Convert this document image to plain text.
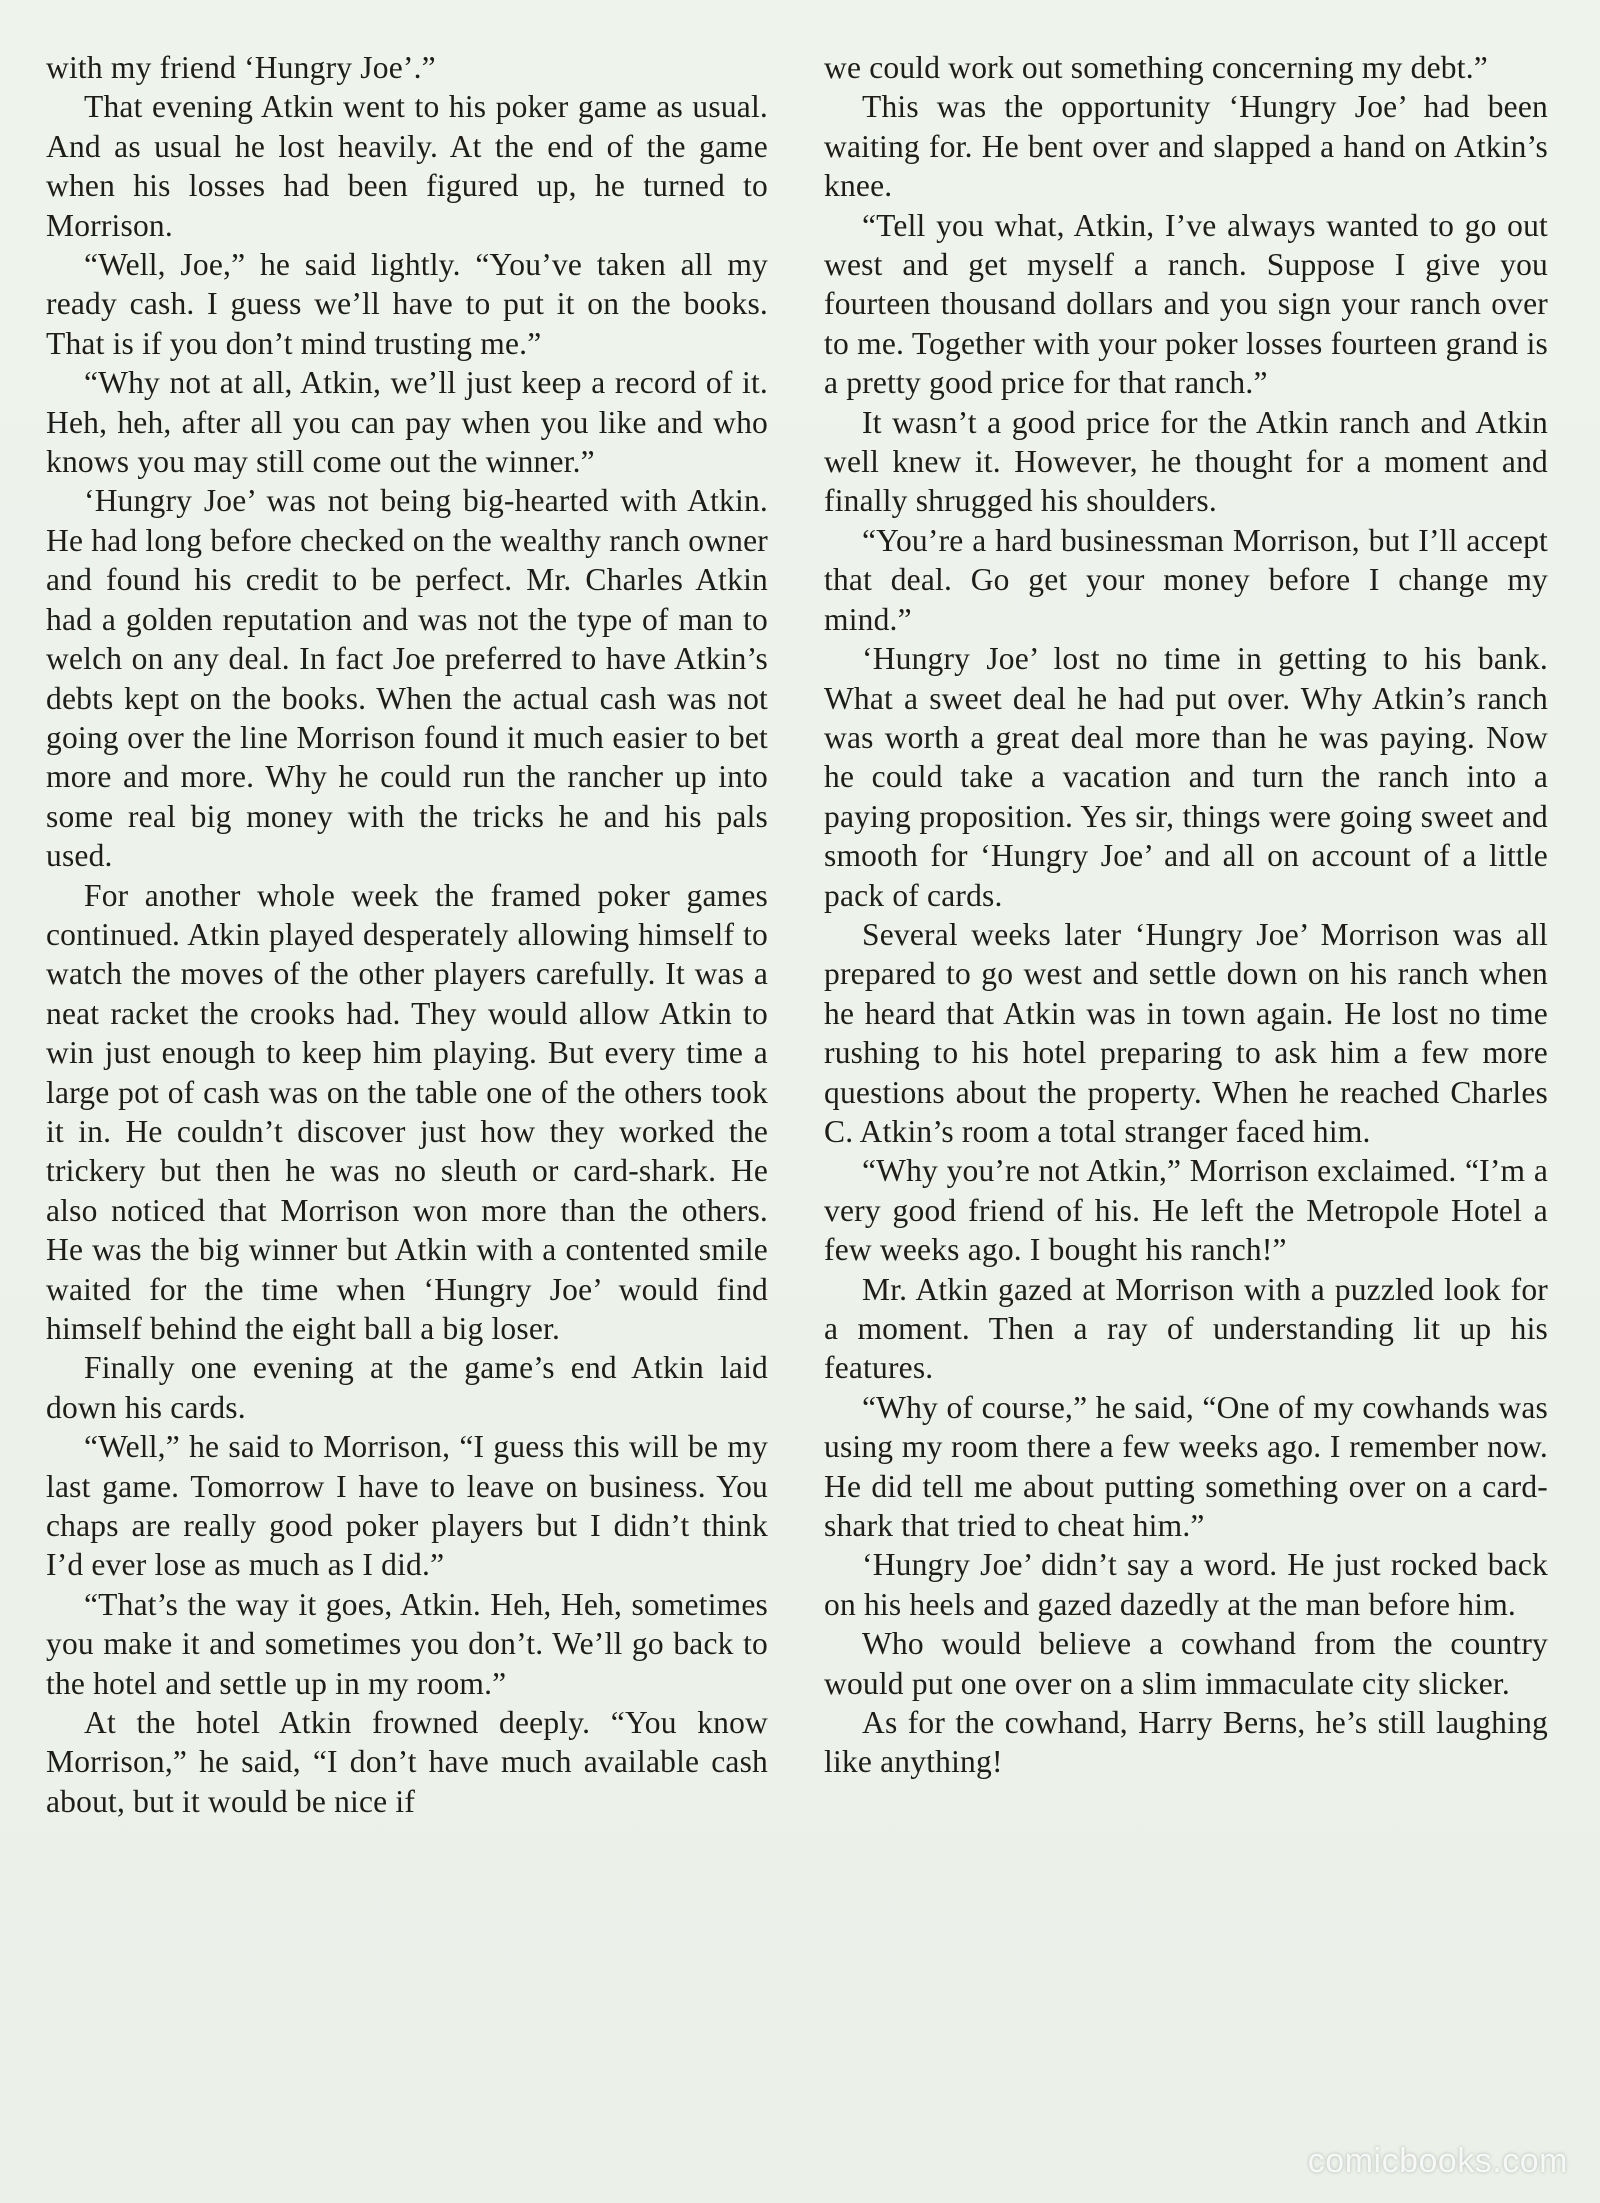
with my friend ‘Hungry Joe’.”

That evening Atkin went to his poker game as usual. And as usual he lost heavily. At the end of the game when his losses had been figured up, he turned to Morrison.

“Well, Joe,” he said lightly. “You’ve taken all my ready cash. I guess we’ll have to put it on the books. That is if you don’t mind trusting me.”

“Why not at all, Atkin, we’ll just keep a record of it. Heh, heh, after all you can pay when you like and who knows you may still come out the winner.”

‘Hungry Joe’ was not being big-hearted with Atkin. He had long before checked on the wealthy ranch owner and found his credit to be perfect. Mr. Charles Atkin had a golden reputation and was not the type of man to welch on any deal. In fact Joe preferred to have Atkin’s debts kept on the books. When the actual cash was not going over the line Morrison found it much easier to bet more and more. Why he could run the rancher up into some real big money with the tricks he and his pals used.

For another whole week the framed poker games continued. Atkin played desperately allowing himself to watch the moves of the other players carefully. It was a neat racket the crooks had. They would allow Atkin to win just enough to keep him playing. But every time a large pot of cash was on the table one of the others took it in. He couldn’t discover just how they worked the trickery but then he was no sleuth or card-shark. He also noticed that Morrison won more than the others. He was the big winner but Atkin with a contented smile waited for the time when ‘Hungry Joe’ would find himself behind the eight ball a big loser.

Finally one evening at the game’s end Atkin laid down his cards.

“Well,” he said to Morrison, “I guess this will be my last game. Tomorrow I have to leave on business. You chaps are really good poker players but I didn’t think I’d ever lose as much as I did.”

“That’s the way it goes, Atkin. Heh, Heh, sometimes you make it and sometimes you don’t. We’ll go back to the hotel and settle up in my room.”

At the hotel Atkin frowned deeply. “You know Morrison,” he said, “I don’t have much available cash about, but it would be nice if

we could work out something concerning my debt.”

This was the opportunity ‘Hungry Joe’ had been waiting for. He bent over and slapped a hand on Atkin’s knee.

“Tell you what, Atkin, I’ve always wanted to go out west and get myself a ranch. Suppose I give you fourteen thousand dollars and you sign your ranch over to me. Together with your poker losses fourteen grand is a pretty good price for that ranch.”

It wasn’t a good price for the Atkin ranch and Atkin well knew it. However, he thought for a moment and finally shrugged his shoulders.

“You’re a hard businessman Morrison, but I’ll accept that deal. Go get your money before I change my mind.”

‘Hungry Joe’ lost no time in getting to his bank. What a sweet deal he had put over. Why Atkin’s ranch was worth a great deal more than he was paying. Now he could take a vacation and turn the ranch into a paying proposition. Yes sir, things were going sweet and smooth for ‘Hungry Joe’ and all on account of a little pack of cards.

Several weeks later ‘Hungry Joe’ Morrison was all prepared to go west and settle down on his ranch when he heard that Atkin was in town again. He lost no time rushing to his hotel preparing to ask him a few more questions about the property. When he reached Charles C. Atkin’s room a total stranger faced him.

“Why you’re not Atkin,” Morrison exclaimed. “I’m a very good friend of his. He left the Metropole Hotel a few weeks ago. I bought his ranch!”

Mr. Atkin gazed at Morrison with a puzzled look for a moment. Then a ray of understanding lit up his features.

“Why of course,” he said, “One of my cowhands was using my room there a few weeks ago. I remember now. He did tell me about putting something over on a card-shark that tried to cheat him.”

‘Hungry Joe’ didn’t say a word. He just rocked back on his heels and gazed dazedly at the man before him.

Who would believe a cowhand from the country would put one over on a slim immaculate city slicker.

As for the cowhand, Harry Berns, he’s still laughing like anything!

comicbooks.com
